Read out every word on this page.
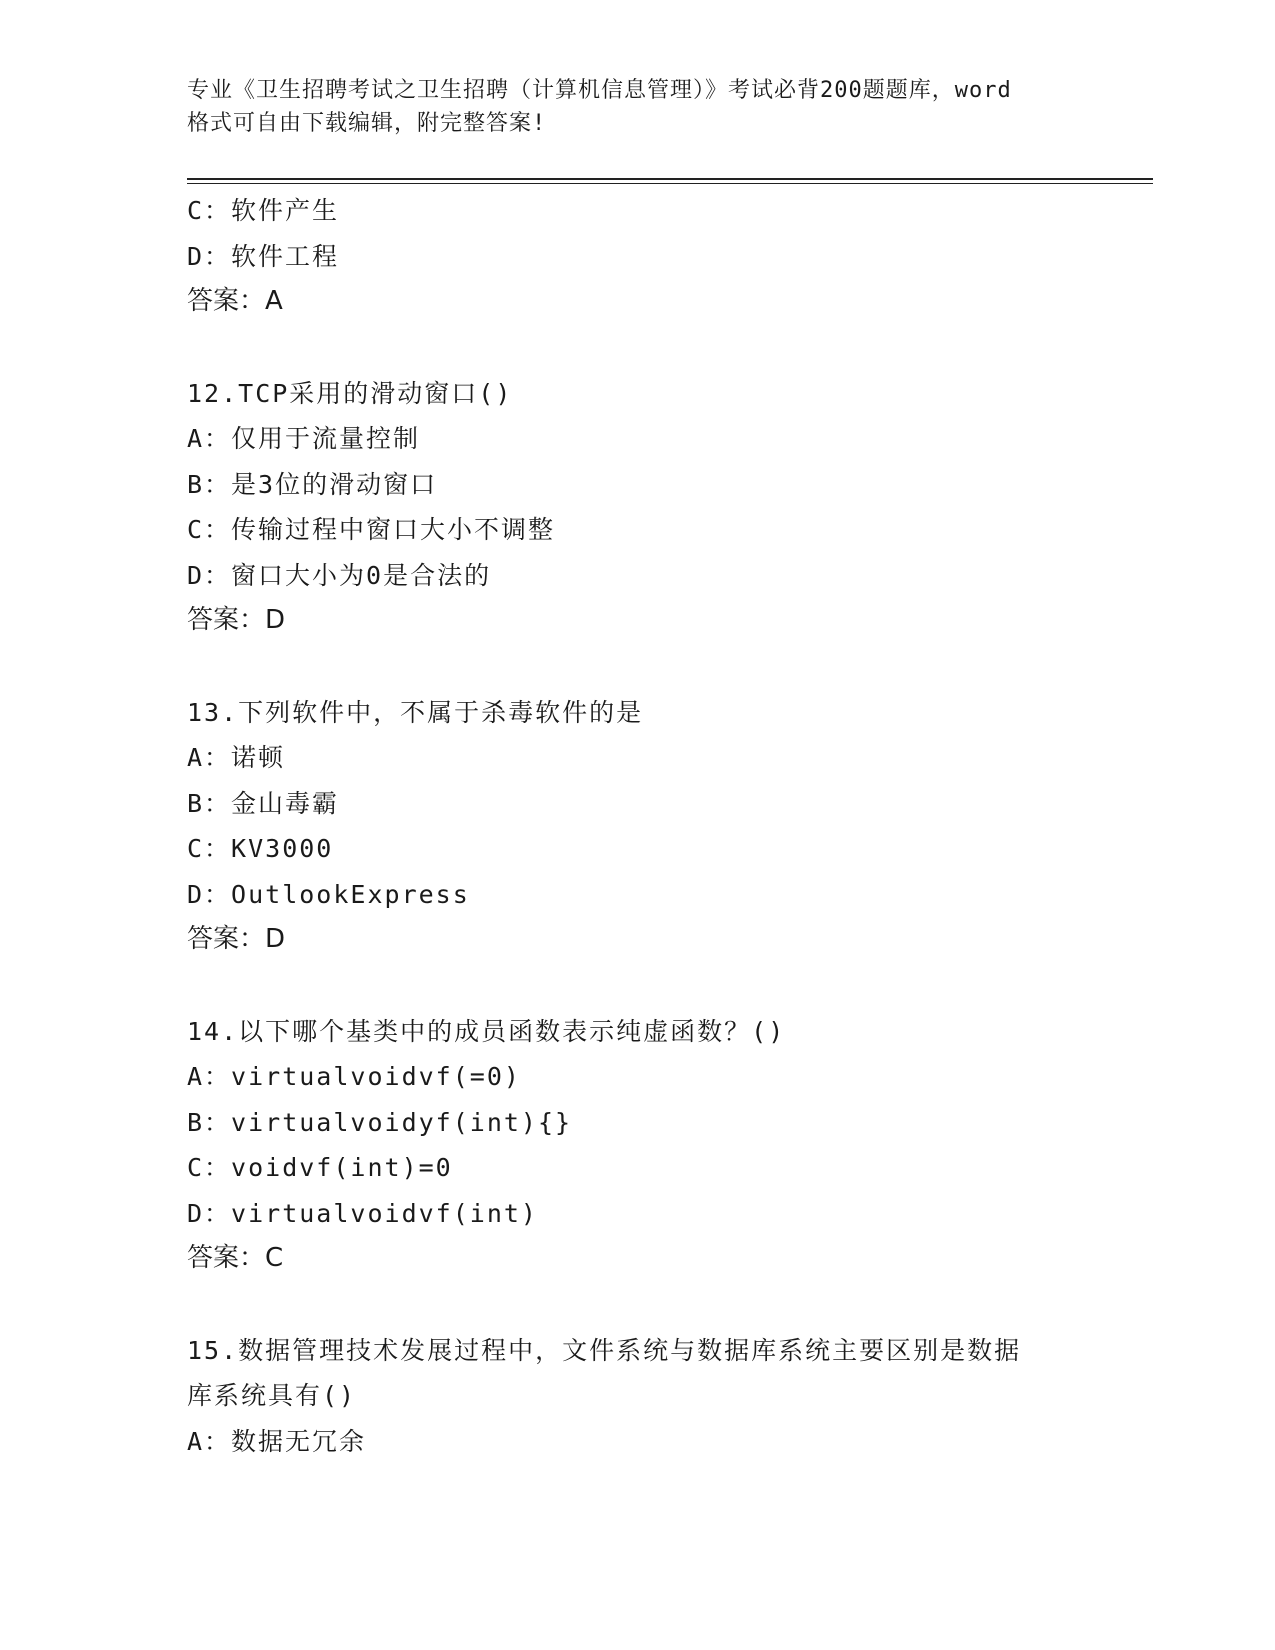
专业《卫生招聘考试之卫生招聘（计算机信息管理）》考试必背200题题库，word
格式可自由下载编辑，附完整答案!
C：软件产生
D：软件工程
答案：A
12.TCP采用的滑动窗口()
A：仅用于流量控制
B：是3位的滑动窗口
C：传输过程中窗口大小不调整
D：窗口大小为0是合法的
答案：D
13.下列软件中，不属于杀毒软件的是
A：诺顿
B：金山毒霸
C：KV3000
D：OutlookExpress
答案：D
14.以下哪个基类中的成员函数表示纯虚函数？()
A：virtualvoidvf(=0)
B：virtualvoidyf(int){}
C：voidvf(int)=0
D：virtualvoidvf(int)
答案：C
15.数据管理技术发展过程中，文件系统与数据库系统主要区别是数据
库系统具有()
A：数据无冗余
